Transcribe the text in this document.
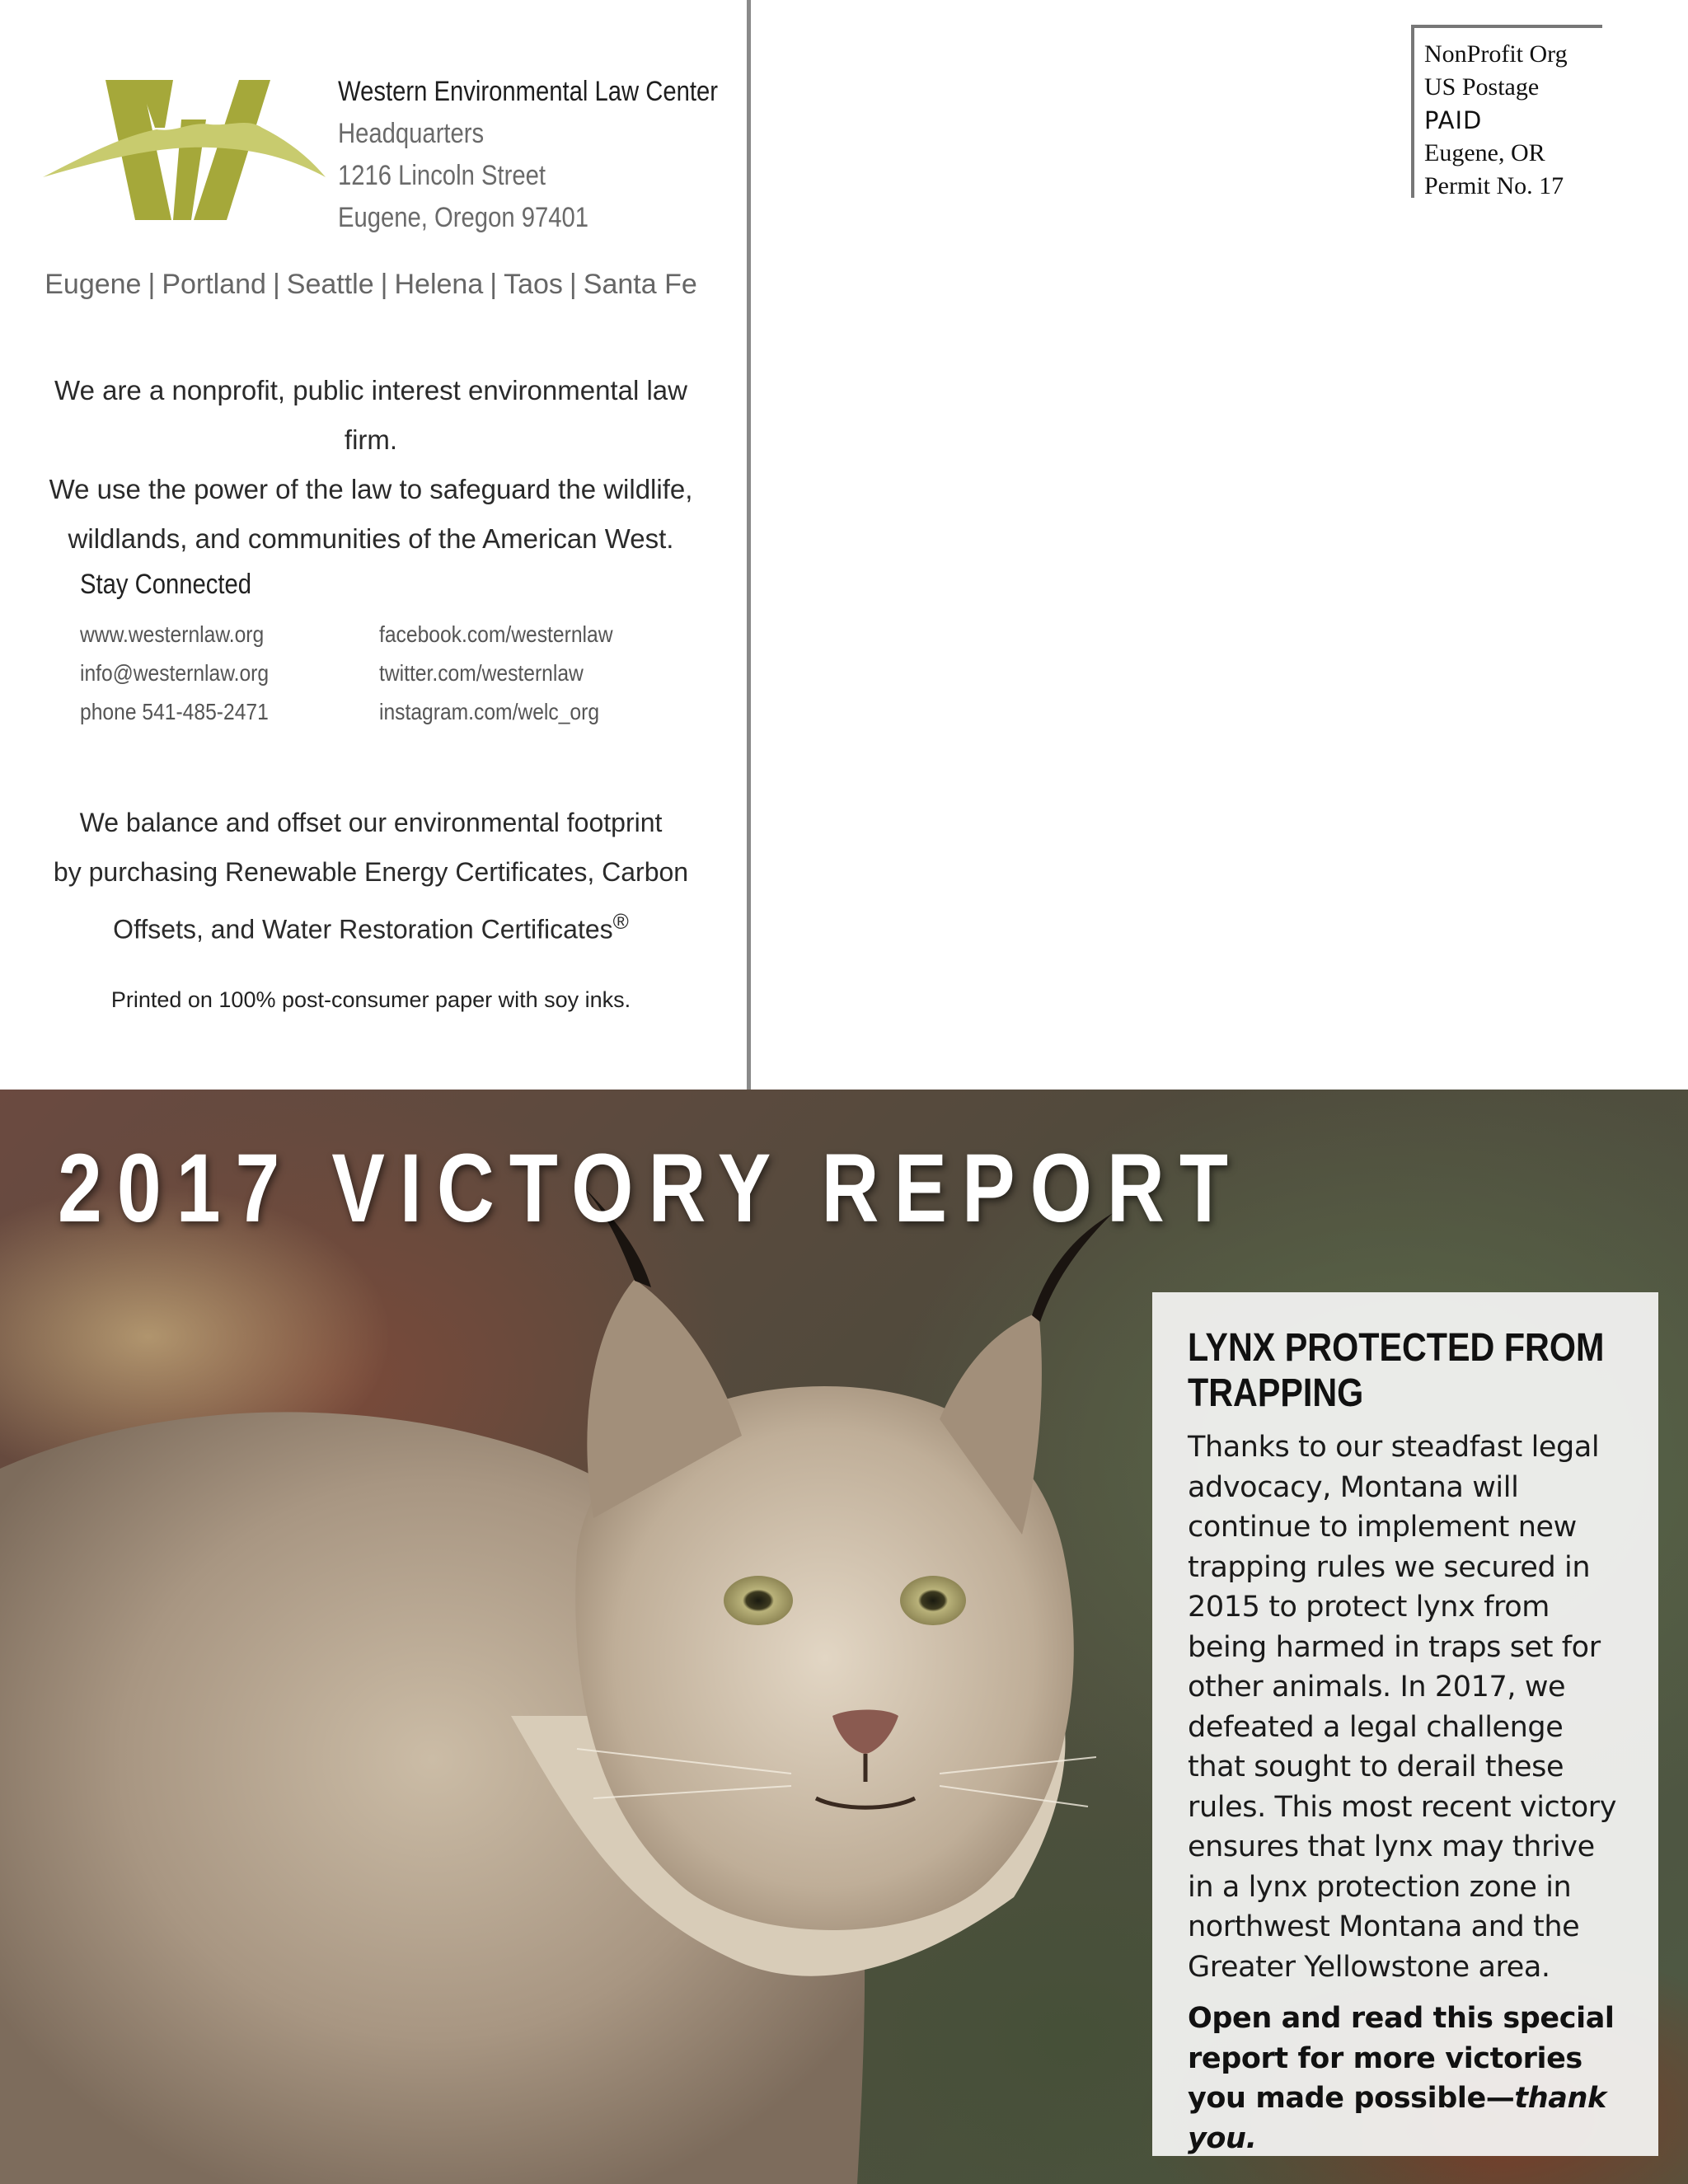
Western Environmental Law Center
Headquarters
1216 Lincoln Street
Eugene, Oregon 97401
Eugene | Portland | Seattle | Helena | Taos | Santa Fe
We are a nonprofit, public interest environmental law firm.
We use the power of the law to safeguard the wildlife,
wildlands, and communities of the American West.
Stay Connected
www.westernlaw.org
info@westernlaw.org
phone 541-485-2471
facebook.com/westernlaw
twitter.com/westernlaw
instagram.com/welc_org
We balance and offset our environmental footprint
by purchasing Renewable Energy Certificates, Carbon
Offsets, and Water Restoration Certificates®
Printed on 100% post-consumer paper with soy inks.
NonProfit Org
US Postage
PAID
Eugene, OR
Permit No. 17
2017 VICTORY REPORT
LYNX PROTECTED FROM TRAPPING
Thanks to our steadfast legal advocacy, Montana will continue to implement new trapping rules we secured in 2015 to protect lynx from being harmed in traps set for other animals. In 2017, we defeated a legal challenge that sought to derail these rules. This most recent victory ensures that lynx may thrive in a lynx protection zone in northwest Montana and the Greater Yellowstone area.
Open and read this special report for more victories you made possible—thank you.
